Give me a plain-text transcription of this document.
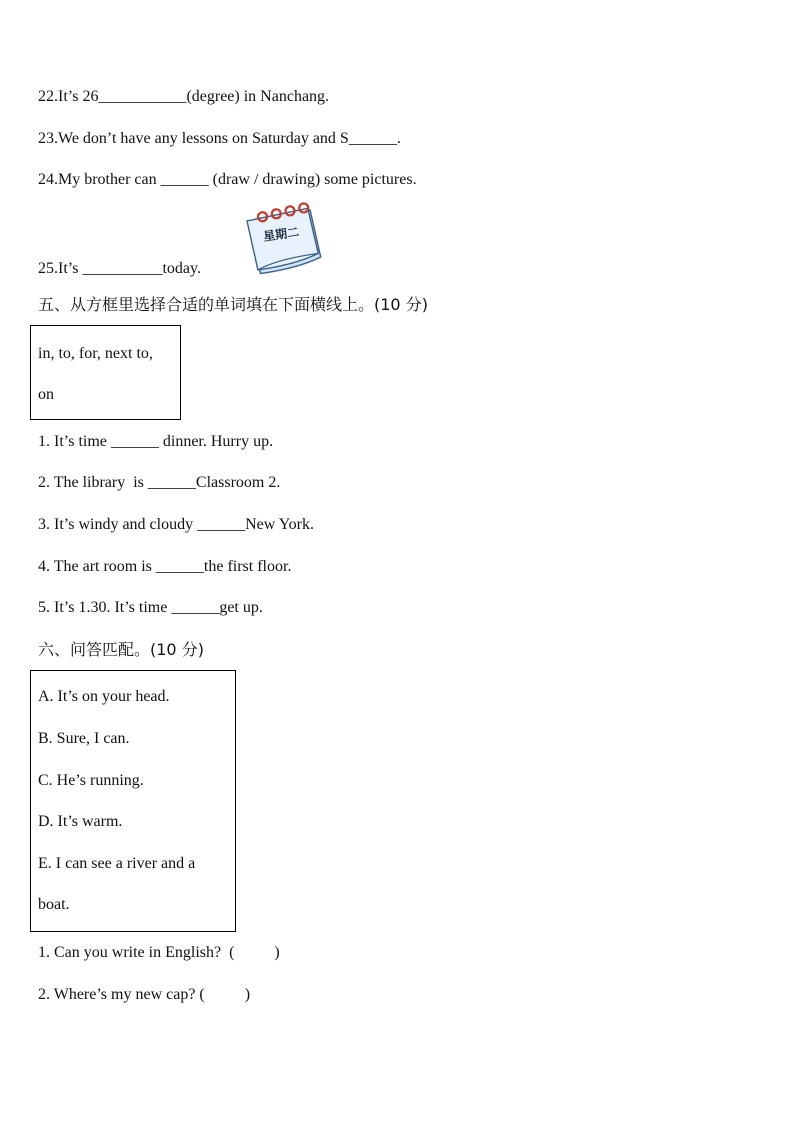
22.It’s 26___________(degree) in Nanchang.
23.We don’t have any lessons on Saturday and S______.
24.My brother can ______ (draw / drawing) some pictures.
25.It’s __________today.
星期二
五、从方框里选择合适的单词填在下面横线上。(10 分)
in, to, for, next to,
on
1. It’s time ______ dinner. Hurry up.
2. The library  is ______Classroom 2.
3. It’s windy and cloudy ______New York.
4. The art room is ______the first floor.
5. It’s 1.30. It’s time ______get up.
六、问答匹配。(10 分)
A. It’s on your head.
B. Sure, I can.
C. He’s running.
D. It’s warm.
E. I can see a river and a
boat.
1. Can you write in English?  (          )
2. Where’s my new cap? (          )
